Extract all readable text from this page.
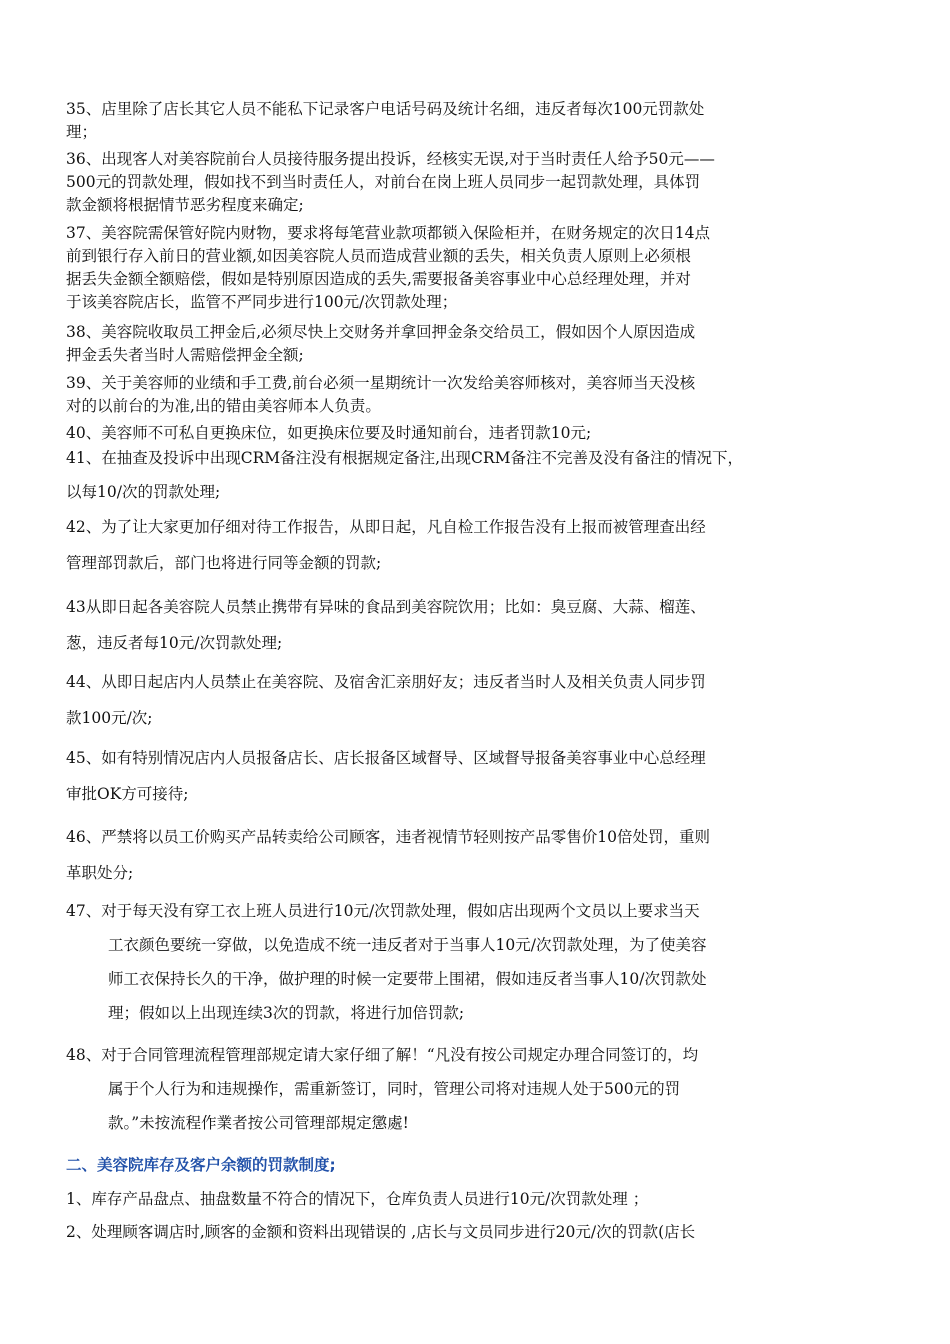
35、店里除了店长其它人员不能私下记录客户电话号码及统计名细，违反者每次100元罚款处
理；
36、出现客人对美容院前台人员接待服务提出投诉，经核实无误,对于当时责任人给予50元——
500元的罚款处理，假如找不到当时责任人，对前台在岗上班人员同步一起罚款处理，具体罚
款金额将根据情节恶劣程度来确定;
37、美容院需保管好院内财物，要求将每笔营业款项都锁入保险柜并，在财务规定的次日14点
前到银行存入前日的营业额,如因美容院人员而造成营业额的丢失，相关负责人原则上必须根
据丢失金额全额赔偿，假如是特别原因造成的丢失,需要报备美容事业中心总经理处理，并对
于该美容院店长，监管不严同步进行100元/次罚款处理；
38、美容院收取员工押金后,必须尽快上交财务并拿回押金条交给员工，假如因个人原因造成
押金丢失者当时人需赔偿押金全额;
39、关于美容师的业绩和手工费,前台必须一星期统计一次发给美容师核对，美容师当天没核
对的以前台的为准,出的错由美容师本人负责。
40、美容师不可私自更换床位，如更换床位要及时通知前台，违者罚款10元;
41、在抽查及投诉中出现CRM备注没有根据规定备注,出现CRM备注不完善及没有备注的情况下，
以每10/次的罚款处理;
42、为了让大家更加仔细对待工作报告，从即日起，凡自检工作报告没有上报而被管理查出经
管理部罚款后，部门也将进行同等金额的罚款;
43从即日起各美容院人员禁止携带有异味的食品到美容院饮用；比如：臭豆腐、大蒜、榴莲、
葱，违反者每10元/次罚款处理;
44、从即日起店内人员禁止在美容院、及宿舍汇亲朋好友；违反者当时人及相关负责人同步罚
款100元/次;
45、如有特别情况店内人员报备店长、店长报备区域督导、区域督导报备美容事业中心总经理
审批OK方可接待;
46、严禁将以员工价购买产品转卖给公司顾客，违者视情节轻则按产品零售价10倍处罚，重则
革职处分;
47、对于每天没有穿工衣上班人员进行10元/次罚款处理，假如店出现两个文员以上要求当天
工衣颜色要统一穿做，以免造成不统一违反者对于当事人10元/次罚款处理，为了使美容
师工衣保持长久的干净，做护理的时候一定要带上围裙，假如违反者当事人10/次罚款处
理；假如以上出现连续3次的罚款，将进行加倍罚款;
48、对于合同管理流程管理部规定请大家仔细了解！“凡没有按公司规定办理合同签订的，均
属于个人行为和违规操作，需重新签订，同时，管理公司将对违规人处于500元的罚
款。”未按流程作業者按公司管理部規定懲處!
二、美容院库存及客户余额的罚款制度;
1、库存产品盘点、抽盘数量不符合的情况下，仓库负责人员进行10元/次罚款处理 ；
2、处理顾客调店时,顾客的金额和资料出现错误的 ,店长与文员同步进行20元/次的罚款(店长
